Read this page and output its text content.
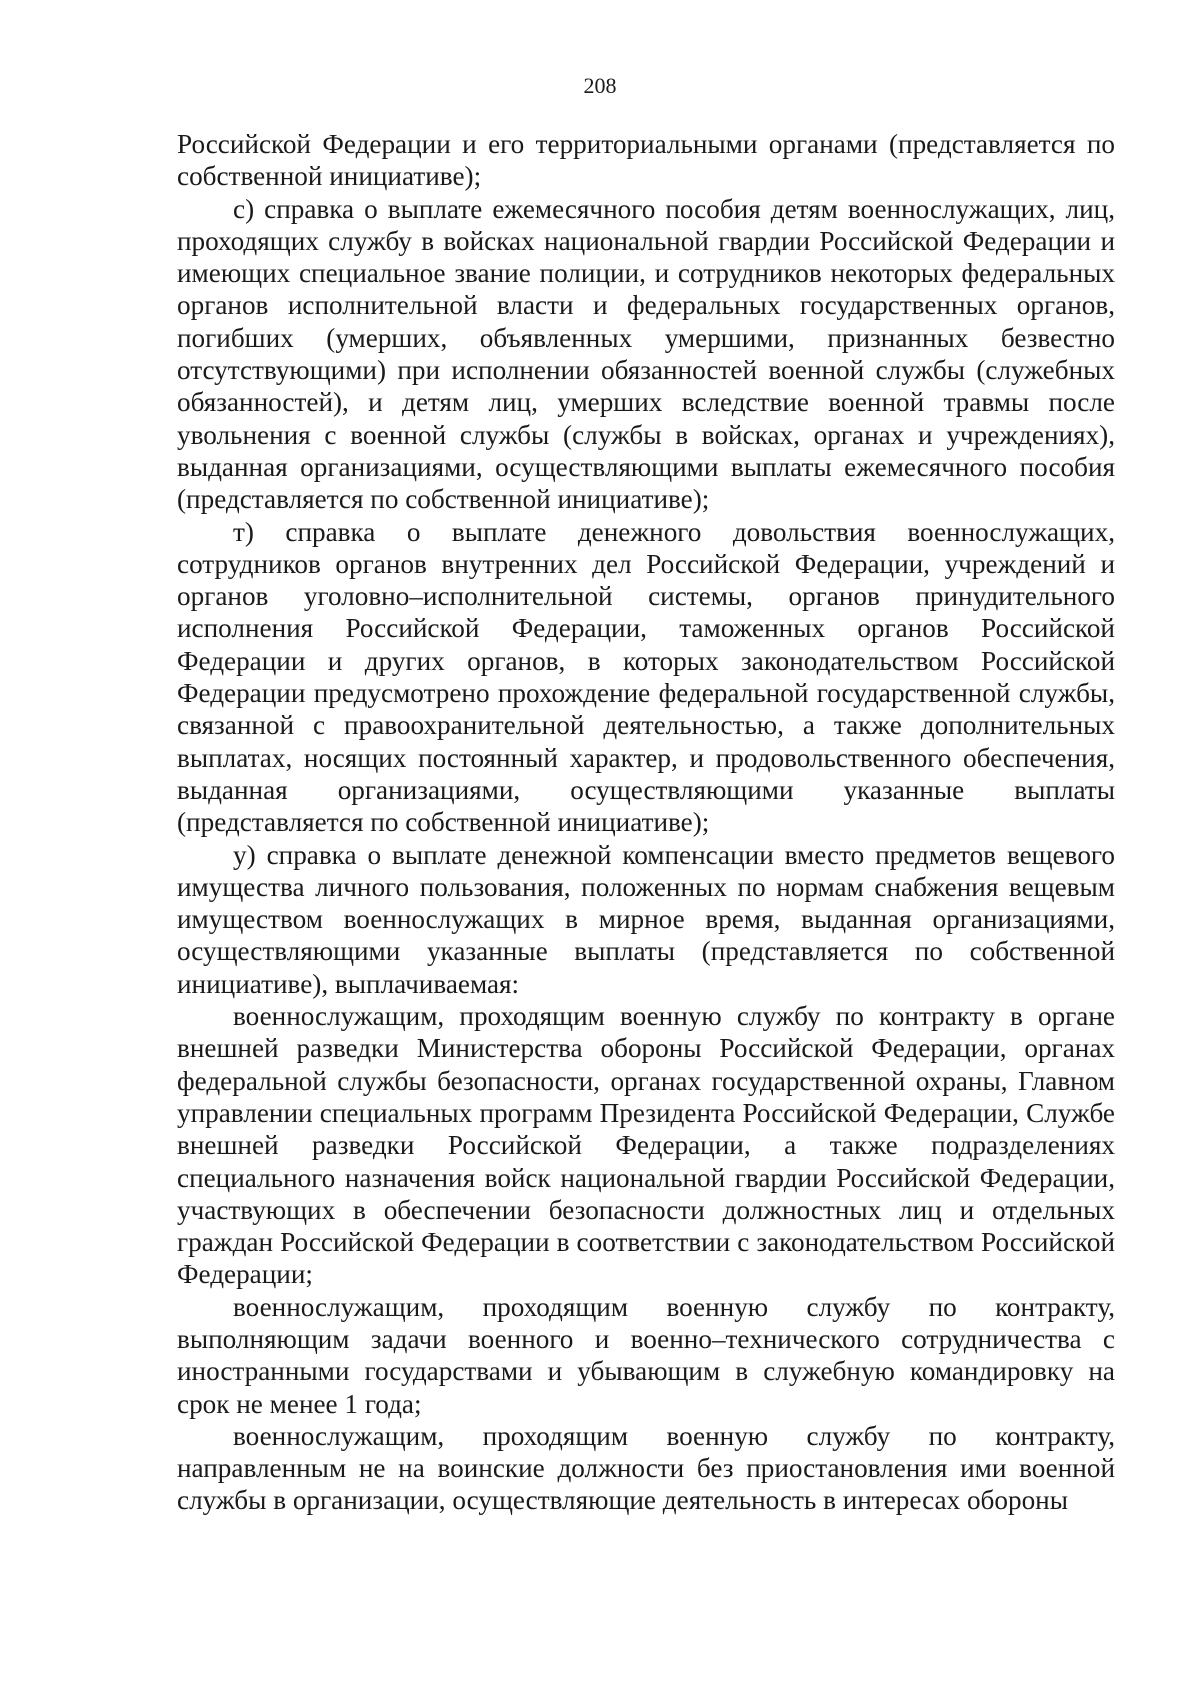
208

Российской Федерации и его территориальными органами (представляется по собственной инициативе);

с) справка о выплате ежемесячного пособия детям военнослужащих, лиц, проходящих службу в войсках национальной гвардии Российской Федерации и имеющих специальное звание полиции, и сотрудников некоторых федеральных органов исполнительной власти и федеральных государственных органов, погибших (умерших, объявленных умершими, признанных безвестно отсутствующими) при исполнении обязанностей военной службы (служебных обязанностей), и детям лиц, умерших вследствие военной травмы после увольнения с военной службы (службы в войсках, органах и учреждениях), выданная организациями, осуществляющими выплаты ежемесячного пособия (представляется по собственной инициативе);

т) справка о выплате денежного довольствия военнослужащих, сотрудников органов внутренних дел Российской Федерации, учреждений и органов уголовно–исполнительной системы, органов принудительного исполнения Российской Федерации, таможенных органов Российской Федерации и других органов, в которых законодательством Российской Федерации предусмотрено прохождение федеральной государственной службы, связанной с правоохранительной деятельностью, а также дополнительных выплатах, носящих постоянный характер, и продовольственного обеспечения, выданная организациями, осуществляющими указанные выплаты (представляется по собственной инициативе);

у) справка о выплате денежной компенсации вместо предметов вещевого имущества личного пользования, положенных по нормам снабжения вещевым имуществом военнослужащих в мирное время, выданная организациями, осуществляющими указанные выплаты (представляется по собственной инициативе), выплачиваемая:

военнослужащим, проходящим военную службу по контракту в органе внешней разведки Министерства обороны Российской Федерации, органах федеральной службы безопасности, органах государственной охраны, Главном управлении специальных программ Президента Российской Федерации, Службе внешней разведки Российской Федерации, а также подразделениях специального назначения войск национальной гвардии Российской Федерации, участвующих в обеспечении безопасности должностных лиц и отдельных граждан Российской Федерации в соответствии с законодательством Российской Федерации;

военнослужащим, проходящим военную службу по контракту, выполняющим задачи военного и военно–технического сотрудничества с иностранными государствами и убывающим в служебную командировку на срок не менее 1 года;

военнослужащим, проходящим военную службу по контракту, направленным не на воинские должности без приостановления ими военной службы в организации, осуществляющие деятельность в интересах обороны
